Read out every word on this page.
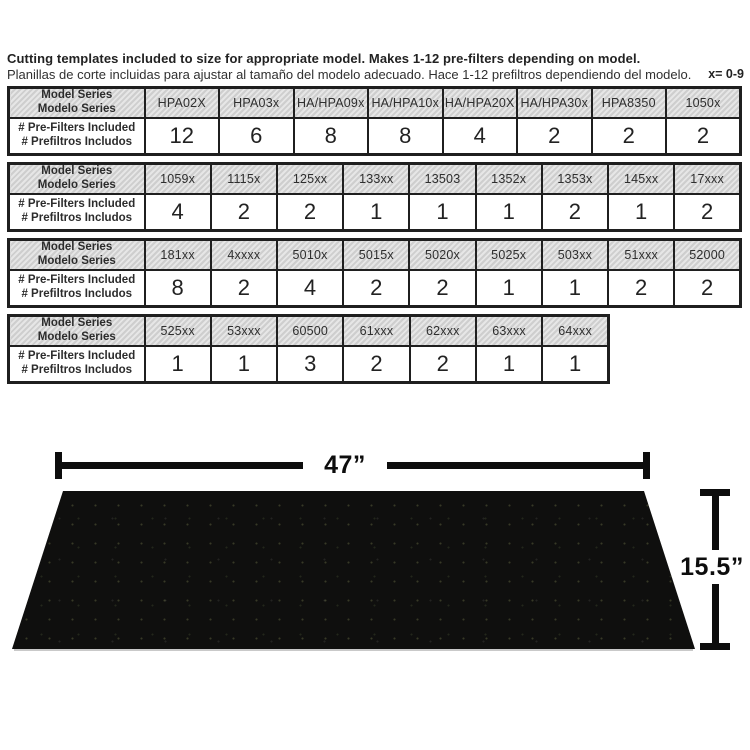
Cutting templates included to size for appropriate model. Makes 1-12 pre-filters depending on model.
Planillas de corte incluidas para ajustar al tamaño del modelo adecuado. Hace 1-12 prefiltros dependiendo del modelo.	x= 0-9
Model Series
Modelo Series	HPA02X	HPA03x	HA/HPA09x	HA/HPA10x	HA/HPA20X	HA/HPA30x	HPA8350	1050x
# Pre-Filters Included
# Prefiltros Includos	12	6	8	8	4	2	2	2
Model Series
Modelo Series	1059x	1115x	125xx	133xx	13503	1352x	1353x	145xx	17xxx
# Pre-Filters Included
# Prefiltros Includos	4	2	2	1	1	1	2	1	2
Model Series
Modelo Series	181xx	4xxxx	5010x	5015x	5020x	5025x	503xx	51xxx	52000
# Pre-Filters Included
# Prefiltros Includos	8	2	4	2	2	1	1	2	2
Model Series
Modelo Series	525xx	53xxx	60500	61xxx	62xxx	63xxx	64xxx
# Pre-Filters Included
# Prefiltros Includos	1	1	3	2	2	1	1
47”
15.5”
